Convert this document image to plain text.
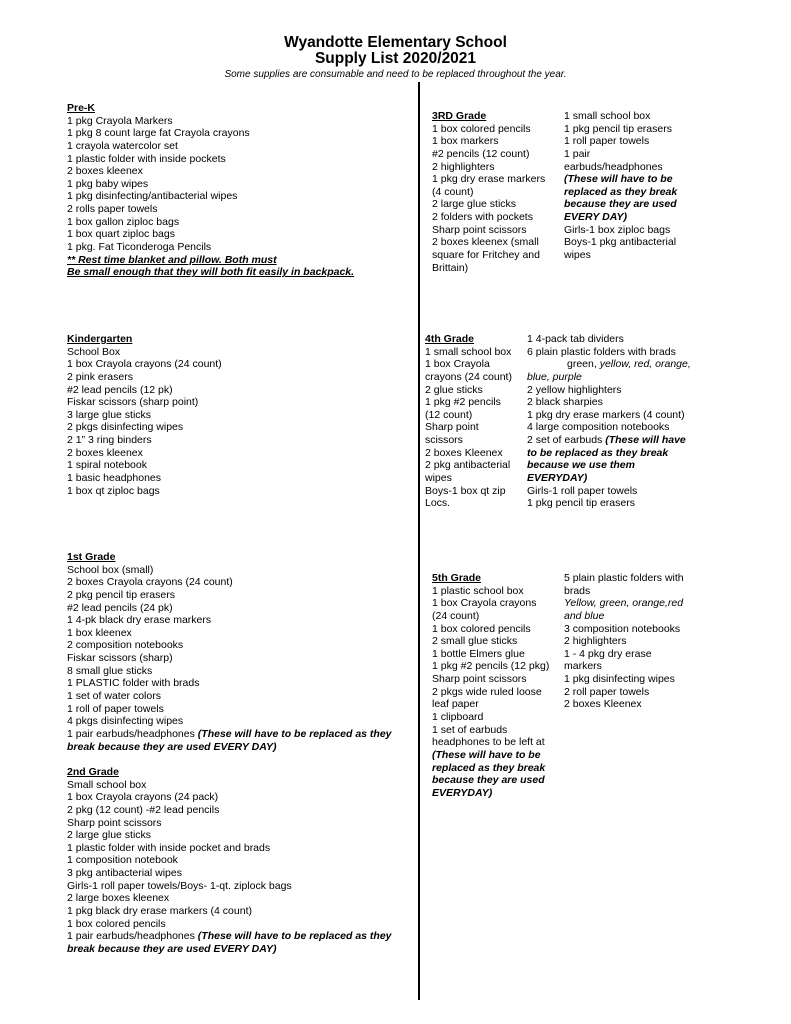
Wyandotte Elementary School
Supply List 2020/2021
Some supplies are consumable and need to be replaced throughout the year.
Pre-K
1 pkg Crayola Markers
1 pkg 8 count large fat Crayola crayons
1 crayola watercolor set
1 plastic folder with inside pockets
2 boxes kleenex
1 pkg baby wipes
1 pkg disinfecting/antibacterial wipes
2 rolls paper towels
1 box gallon ziploc bags
1 box quart ziploc bags
1 pkg. Fat Ticonderoga Pencils
** Rest time blanket and pillow. Both must
Be small enough that they will both fit easily in backpack.
Kindergarten
School Box
1 box Crayola crayons (24 count)
2 pink erasers
#2 lead pencils (12 pk)
Fiskar scissors (sharp point)
3 large glue sticks
2 pkgs disinfecting wipes
2 1” 3 ring binders
2 boxes kleenex
1 spiral notebook
1 basic headphones
1 box qt ziploc bags
1st Grade
School box (small)
2 boxes Crayola crayons (24 count)
2 pkg pencil tip erasers
#2 lead pencils (24 pk)
1 4-pk black dry erase markers
1 box kleenex
2 composition notebooks
Fiskar scissors (sharp)
8 small glue sticks
1 PLASTIC folder with brads
1 set of water colors
1 roll of paper towels
4 pkgs disinfecting wipes
1 pair earbuds/headphones (These will have to be replaced as they
break because they are used EVERY DAY)
2nd Grade
Small school box
1 box Crayola crayons (24 pack)
2 pkg (12 count) -#2 lead pencils
Sharp point scissors
2 large glue sticks
1 plastic folder with inside pocket and brads
1 composition notebook
3 pkg antibacterial wipes
Girls-1 roll paper towels/Boys- 1-qt. ziplock bags
2 large boxes kleenex
1 pkg black dry erase markers (4 count)
1 box colored pencils
1 pair earbuds/headphones (These will have to be replaced as they
break because they are used EVERY DAY)
3RD Grade
1 box colored pencils
1 box markers
#2 pencils (12 count)
2 highlighters
1 pkg dry erase markers
(4 count)
2 large glue sticks
2 folders with pockets
Sharp point scissors
2 boxes kleenex (small
square for Fritchey and
Brittain)
1 small school box
1 pkg pencil tip erasers
1 roll paper towels
1 pair
earbuds/headphones
(These will have to be
replaced as they break
because they are used
EVERY DAY)
Girls-1 box ziploc bags
Boys-1 pkg antibacterial
wipes
4th Grade
1 small school box
1 box Crayola
crayons (24 count)
2 glue sticks
1 pkg #2 pencils
(12 count)
Sharp point
scissors
2 boxes Kleenex
2 pkg antibacterial
wipes
Boys-1 box qt zip
Locs.
1 4-pack tab dividers
6 plain plastic folders with brads
green, yellow, red, orange,
blue, purple
2 yellow highlighters
2 black sharpies
1 pkg dry erase markers (4 count)
4 large composition notebooks
2 set of earbuds (These will have
to be replaced as they break
because we use them
EVERYDAY)
Girls-1 roll paper towels
1 pkg pencil tip erasers
5th Grade
1 plastic school box
1 box Crayola crayons
(24 count)
1 box colored pencils
2 small glue sticks
1 bottle Elmers glue
1 pkg #2 pencils (12 pkg)
Sharp point scissors
2 pkgs wide ruled loose
leaf paper
1 clipboard
1 set of earbuds
headphones to be left at
(These will have to be
replaced as they break
because they are used
EVERYDAY)
5 plain plastic folders with
brads
Yellow, green, orange,red
and blue
3 composition notebooks
2 highlighters
1 - 4 pkg dry erase
markers
1 pkg disinfecting wipes
2 roll paper towels
2 boxes Kleenex
